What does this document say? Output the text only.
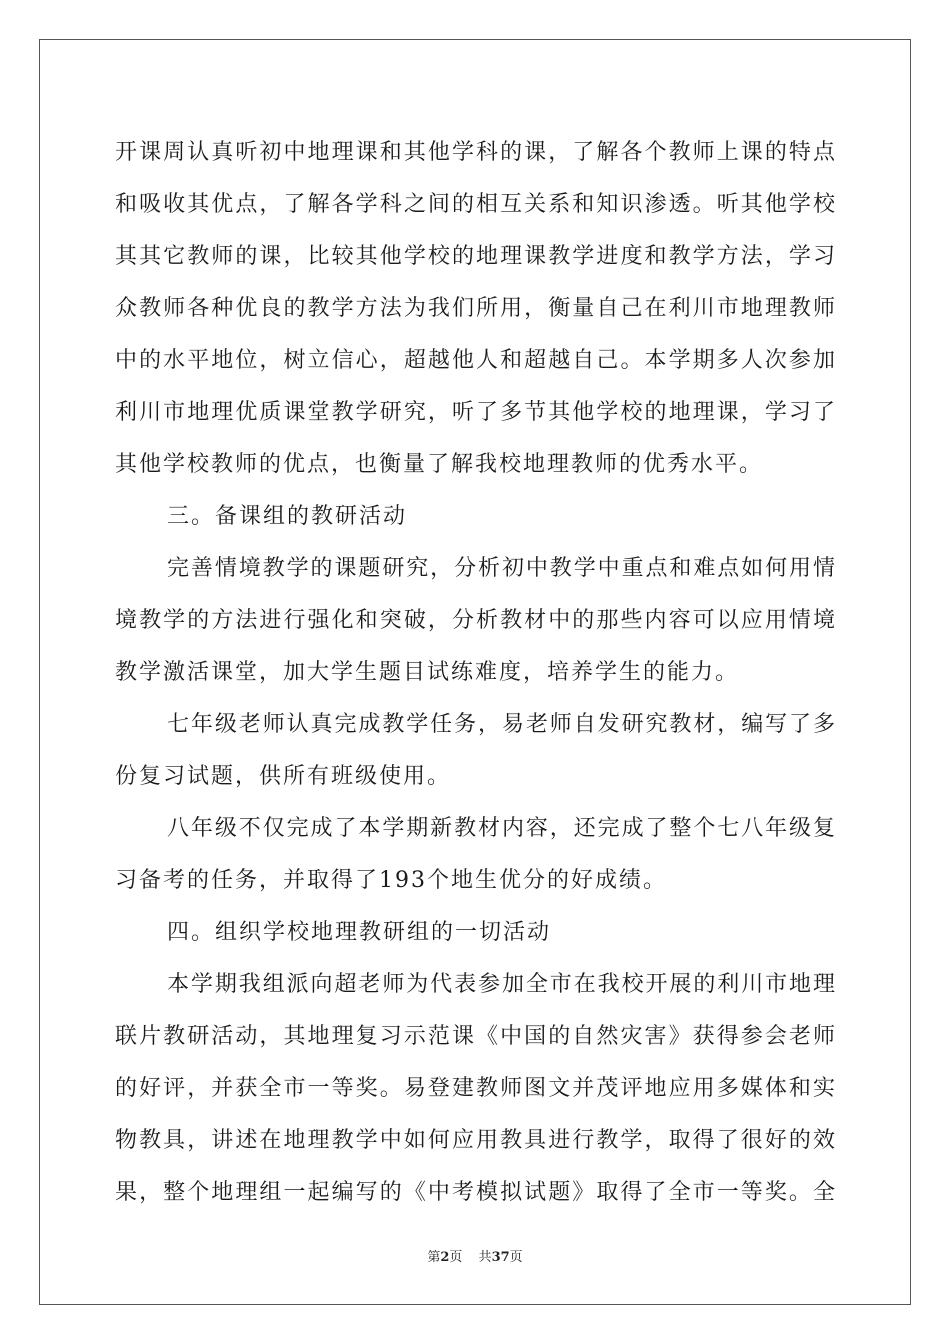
开课周认真听初中地理课和其他学科的课，了解各个教师上课的特点
和吸收其优点，了解各学科之间的相互关系和知识渗透。听其他学校
其其它教师的课，比较其他学校的地理课教学进度和教学方法，学习
众教师各种优良的教学方法为我们所用，衡量自己在利川市地理教师
中的水平地位，树立信心，超越他人和超越自己。本学期多人次参加
利川市地理优质课堂教学研究，听了多节其他学校的地理课，学习了
其他学校教师的优点，也衡量了解我校地理教师的优秀水平。
三。备课组的教研活动
完善情境教学的课题研究，分析初中教学中重点和难点如何用情
境教学的方法进行强化和突破，分析教材中的那些内容可以应用情境
教学激活课堂，加大学生题目试练难度，培养学生的能力。
七年级老师认真完成教学任务，易老师自发研究教材，编写了多
份复习试题，供所有班级使用。
八年级不仅完成了本学期新教材内容，还完成了整个七八年级复
习备考的任务，并取得了193个地生优分的好成绩。
四。组织学校地理教研组的一切活动
本学期我组派向超老师为代表参加全市在我校开展的利川市地理
联片教研活动，其地理复习示范课《中国的自然灾害》获得参会老师
的好评，并获全市一等奖。易登建教师图文并茂评地应用多媒体和实
物教具，讲述在地理教学中如何应用教具进行教学，取得了很好的效
果，整个地理组一起编写的《中考模拟试题》取得了全市一等奖。全
第2页 共37页
